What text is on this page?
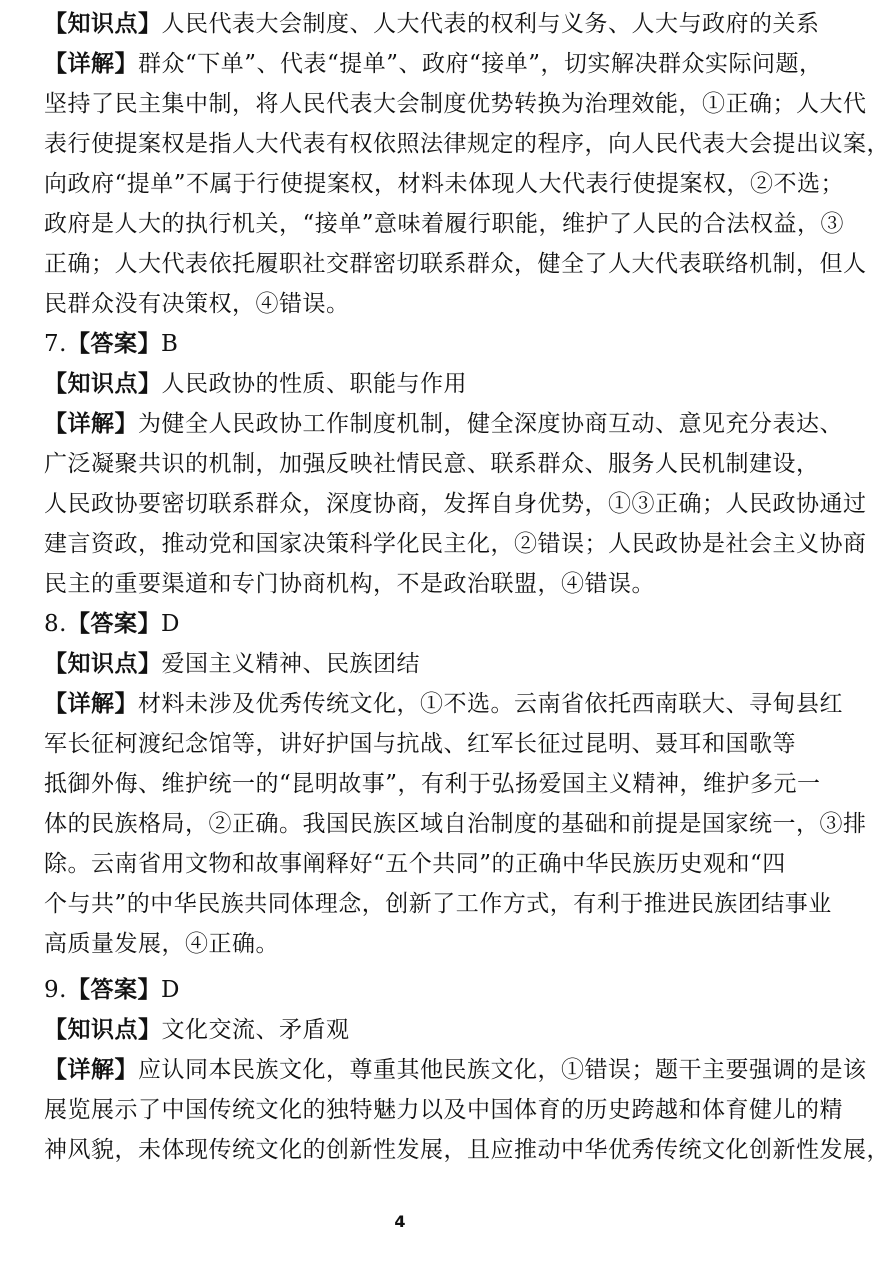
【知识点】人民代表大会制度、人大代表的权利与义务、人大与政府的关系
【详解】群众“下单”、代表“提单”、政府“接单”，切实解决群众实际问题，
坚持了民主集中制，将人民代表大会制度优势转换为治理效能，①正确；人大代
表行使提案权是指人大代表有权依照法律规定的程序，向人民代表大会提出议案，
向政府“提单”不属于行使提案权，材料未体现人大代表行使提案权，②不选；
政府是人大的执行机关，“接单”意味着履行职能，维护了人民的合法权益，③
正确；人大代表依托履职社交群密切联系群众，健全了人大代表联络机制，但人
民群众没有决策权，④错误。
7.【答案】B
【知识点】人民政协的性质、职能与作用
【详解】为健全人民政协工作制度机制，健全深度协商互动、意见充分表达、
广泛凝聚共识的机制，加强反映社情民意、联系群众、服务人民机制建设，
人民政协要密切联系群众，深度协商，发挥自身优势，①③正确；人民政协通过
建言资政，推动党和国家决策科学化民主化，②错误；人民政协是社会主义协商
民主的重要渠道和专门协商机构，不是政治联盟，④错误。
8.【答案】D
【知识点】爱国主义精神、民族团结
【详解】材料未涉及优秀传统文化，①不选。云南省依托西南联大、寻甸县红
军长征柯渡纪念馆等，讲好护国与抗战、红军长征过昆明、聂耳和国歌等
抵御外侮、维护统一的“昆明故事”，有利于弘扬爱国主义精神，维护多元一
体的民族格局，②正确。我国民族区域自治制度的基础和前提是国家统一，③排
除。云南省用文物和故事阐释好“五个共同”的正确中华民族历史观和“四
个与共”的中华民族共同体理念，创新了工作方式，有利于推进民族团结事业
高质量发展，④正确。
9.【答案】D
【知识点】文化交流、矛盾观
【详解】应认同本民族文化，尊重其他民族文化，①错误；题干主要强调的是该
展览展示了中国传统文化的独特魅力以及中国体育的历史跨越和体育健儿的精
神风貌，未体现传统文化的创新性发展，且应推动中华优秀传统文化创新性发展，
4
